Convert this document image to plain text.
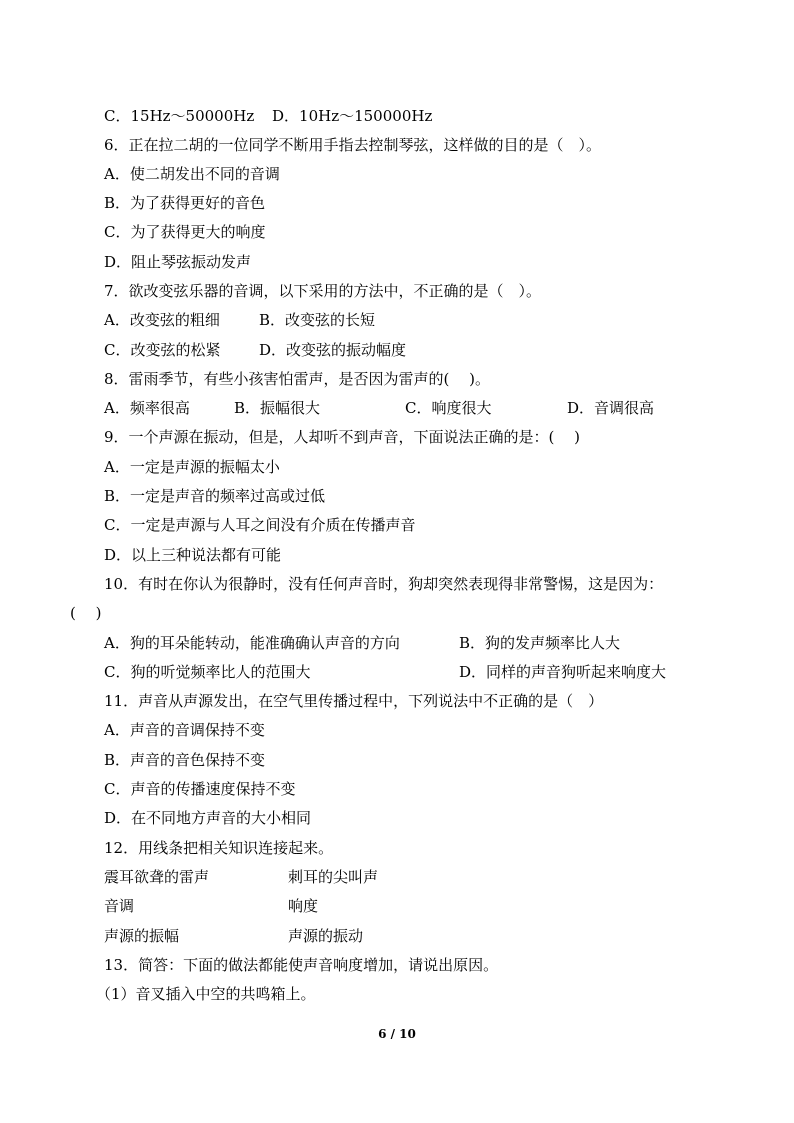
C．15Hz～50000Hz D．10Hz～150000Hz
6．正在拉二胡的一位同学不断用手指去控制琴弦，这样做的目的是（　）。
A．使二胡发出不同的音调
B．为了获得更好的音色
C．为了获得更大的响度
D．阻止琴弦振动发声
7．欲改变弦乐器的音调，以下采用的方法中，不正确的是（　）。
A．改变弦的粗细	B．改变弦的长短
C．改变弦的松紧	D．改变弦的振动幅度
8．雷雨季节，有些小孩害怕雷声，是否因为雷声的(　 )。
A．频率很高	B．振幅很大	C．响度很大	D．音调很高
9．一个声源在振动，但是，人却听不到声音，下面说法正确的是：(　 )
A．一定是声源的振幅太小
B．一定是声音的频率过高或过低
C．一定是声源与人耳之间没有介质在传播声音
D．以上三种说法都有可能
10．有时在你认为很静时，没有任何声音时，狗却突然表现得非常警惕，这是因为：
(　 )
A．狗的耳朵能转动，能准确确认声音的方向	B．狗的发声频率比人大
C．狗的听觉频率比人的范围大	D．同样的声音狗听起来响度大
11．声音从声源发出，在空气里传播过程中，下列说法中不正确的是（　）
A．声音的音调保持不变
B．声音的音色保持不变
C．声音的传播速度保持不变
D．在不同地方声音的大小相同
12．用线条把相关知识连接起来。
震耳欲聋的雷声	刺耳的尖叫声
音调	响度
声源的振幅	声源的振动
13．简答：下面的做法都能使声音响度增加，请说出原因。
（1）音叉插入中空的共鸣箱上。
6 / 10
